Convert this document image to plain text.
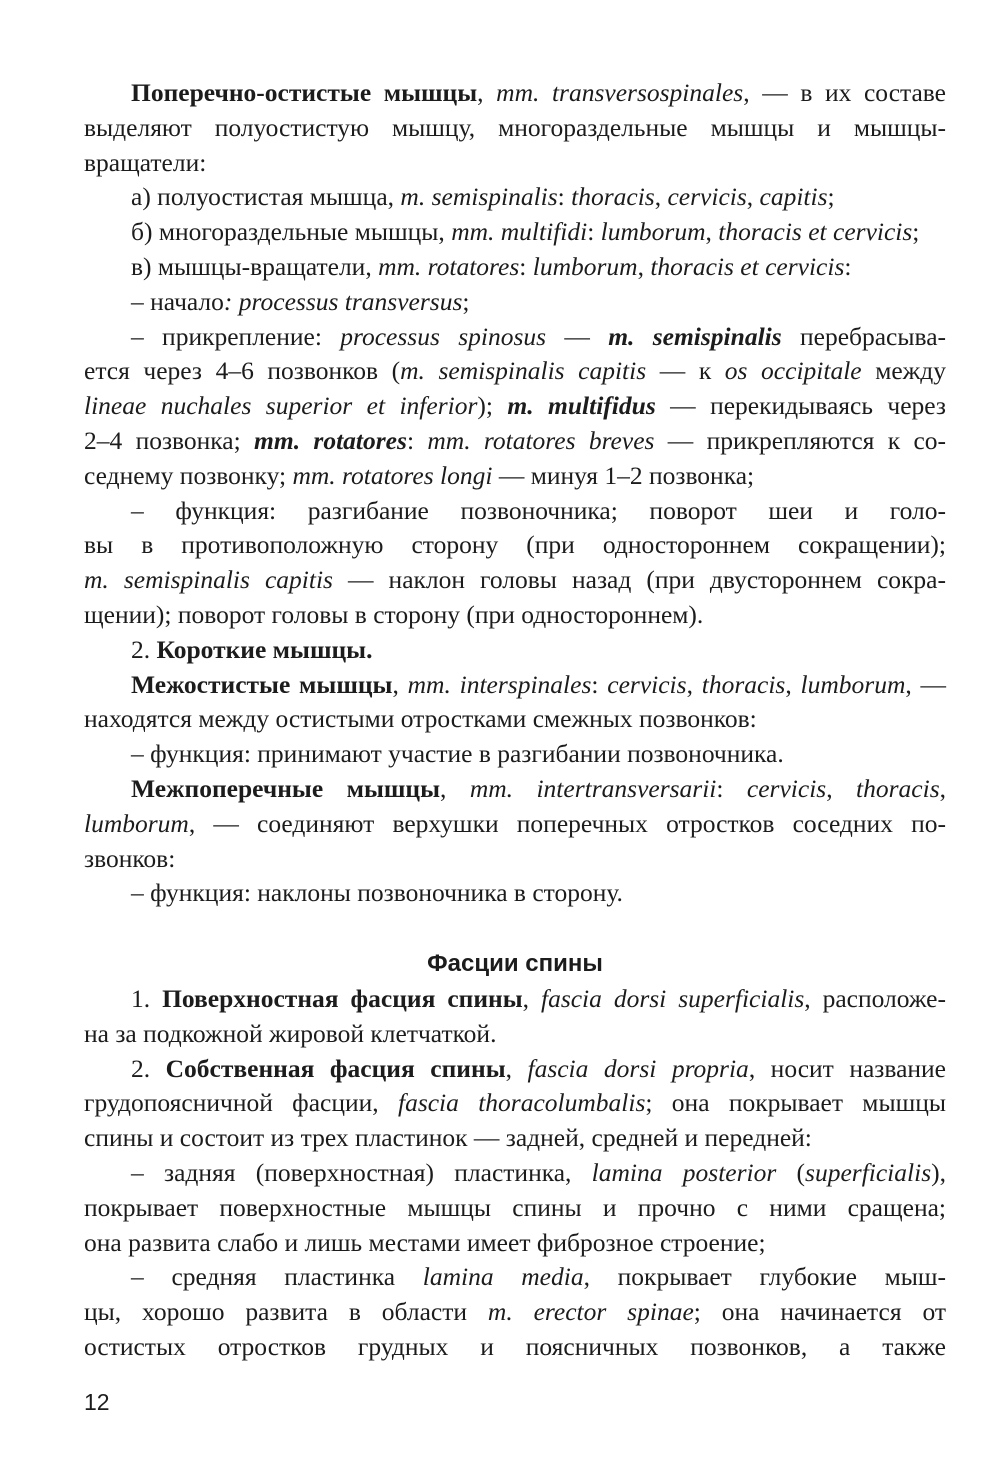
Поперечно-остистые мышцы, mm. transversospinales, — в их составе
выделяют полуостистую мышцу, многораздельные мышцы и мышцы-
вращатели:

а) полуостистая мышца, m. semispinalis: thoracis, cervicis, capitis;

б) многораздельные мышцы, mm. multifidi: lumborum, thoracis et cervicis;

в) мышцы-вращатели, mm. rotatores: lumborum, thoracis et cervicis:

– начало: processus transversus;

– прикрепление: processus spinosus — m. semispinalis перебрасыва-
ется через 4–6 позвонков (m. semispinalis capitis — к os occipitale между
lineae nuchales superior et inferior); m. multifidus — перекидываясь через
2–4 позвонка; mm. rotatores: mm. rotatores breves — прикрепляются к со-
седнему позвонку; mm. rotatores longi — минуя 1–2 позвонка;

– функция: разгибание позвоночника; поворот шеи и голо-
вы в противоположную сторону (при одностороннем сокращении);
m. semispinalis capitis — наклон головы назад (при двустороннем сокра-
щении); поворот головы в сторону (при одностороннем).

2. Короткие мышцы.

Межостистые мышцы, mm. interspinales: cervicis, thoracis, lumborum, —
находятся между остистыми отростками смежных позвонков:

– функция: принимают участие в разгибании позвоночника.

Межпоперечные мышцы, mm. intertransversarii: cervicis, thoracis,
lumborum, — соединяют верхушки поперечных отростков соседних по-
звонков:

– функция: наклоны позвоночника в сторону.

Фасции спины

1. Поверхностная фасция спины, fascia dorsi superficialis, расположе-
на за подкожной жировой клетчаткой.

2. Собственная фасция спины, fascia dorsi propria, носит название
грудопоясничной фасции, fascia thoracolumbalis; она покрывает мышцы
спины и состоит из трех пластинок — задней, средней и передней:

– задняя (поверхностная) пластинка, lamina posterior (superficialis),
покрывает поверхностные мышцы спины и прочно с ними сращена;
она развита слабо и лишь местами имеет фиброзное строение;

– средняя пластинка lamina media, покрывает глубокие мыш-
цы, хорошо развита в области m. erector spinae; она начинается от
остистых отростков грудных и поясничных позвонков, а также

12
